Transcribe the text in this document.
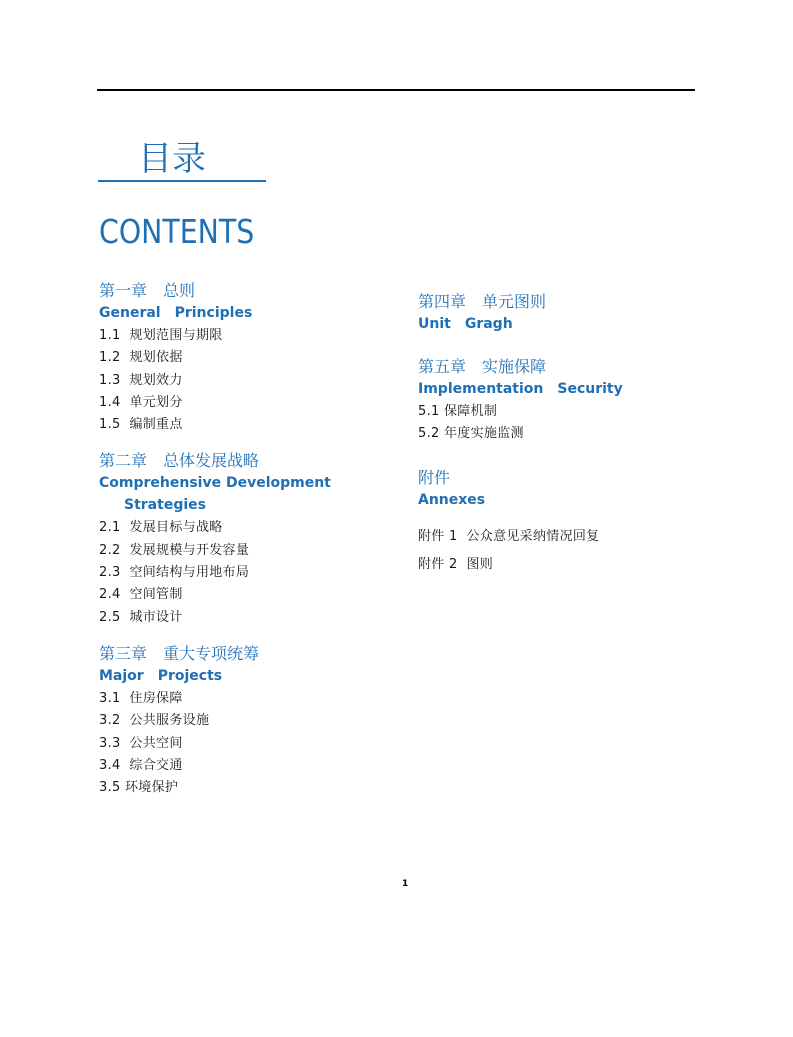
目录
CONTENTS
第一章　总则
General　Principles
1.1  规划范围与期限
1.2  规划依据
1.3  规划效力
1.4  单元划分
1.5  编制重点
第二章　总体发展战略
Comprehensive Development
Strategies
2.1  发展目标与战略
2.2  发展规模与开发容量
2.3  空间结构与用地布局
2.4  空间管制
2.5  城市设计
第三章　重大专项统筹
Major　Projects
3.1  住房保障
3.2  公共服务设施
3.3  公共空间
3.4  综合交通
3.5 环境保护
第四章　单元图则
Unit　Gragh
第五章　实施保障
Implementation　Security
5.1 保障机制
5.2 年度实施监测
附件
Annexes
附件 1  公众意见采纳情况回复
附件 2  图则
1
